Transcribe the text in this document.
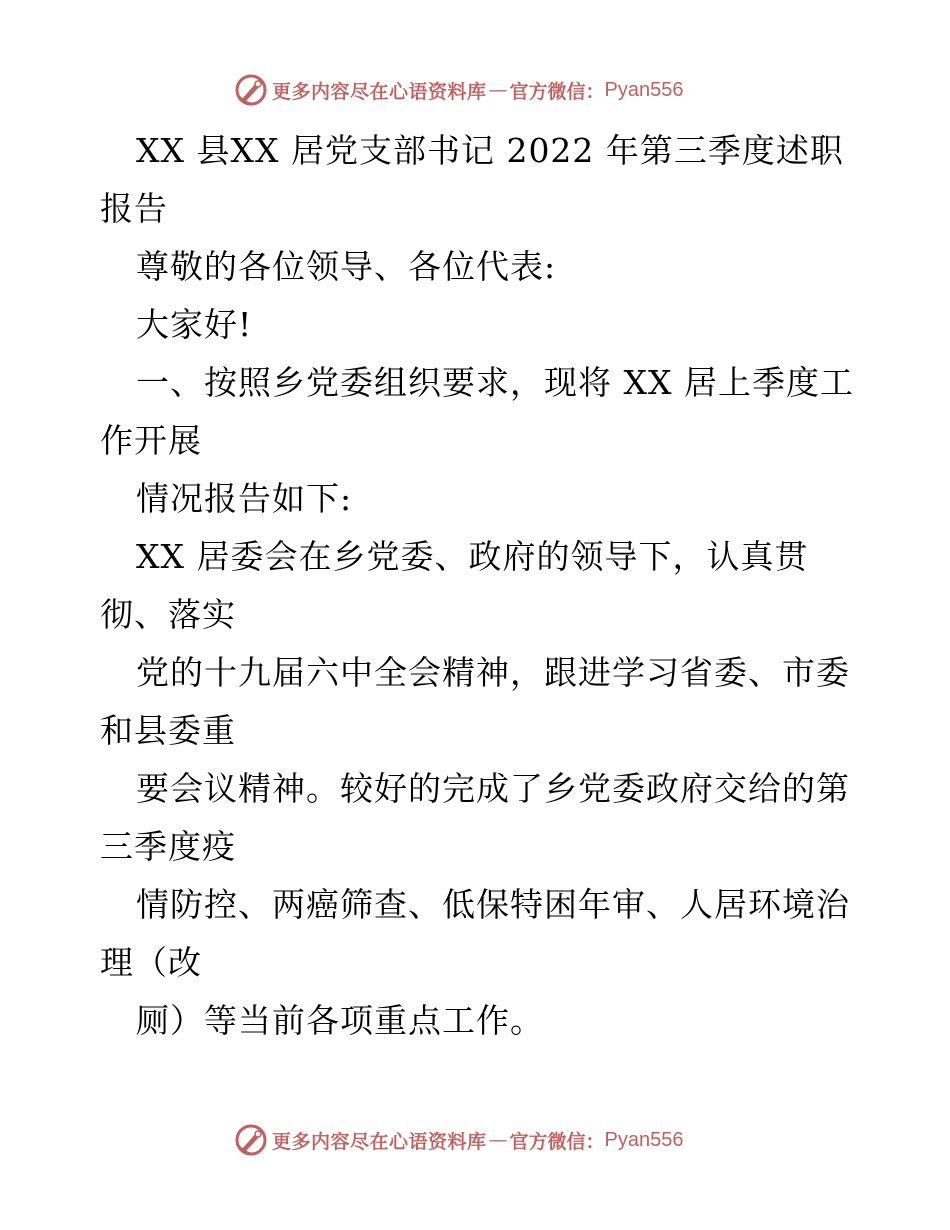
更多内容尽在心语资料库 — 官方微信： Pyan556
XX 县XX 居党支部书记 2022 年第三季度述职
报告
尊敬的各位领导、各位代表:
大家好!
一、按照乡党委组织要求，现将 XX 居上季度工
作开展
情况报告如下:
XX 居委会在乡党委、政府的领导下，认真贯
彻、落实
党的十九届六中全会精神，跟进学习省委、市委
和县委重
要会议精神。较好的完成了乡党委政府交给的第
三季度疫
情防控、两癌筛查、低保特困年审、人居环境治
理（改
厕）等当前各项重点工作。
更多内容尽在心语资料库 — 官方微信： Pyan556
